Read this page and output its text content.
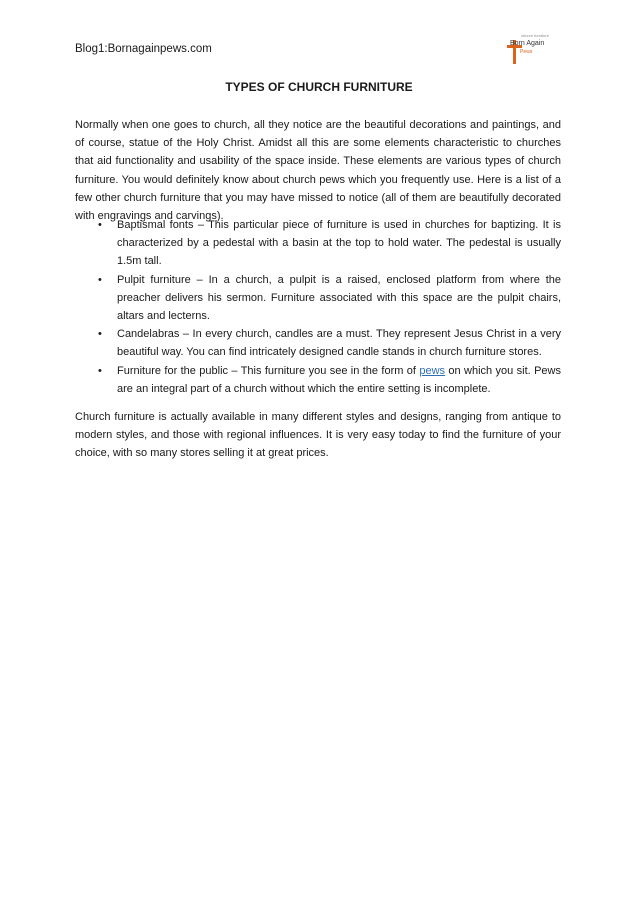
Blog1:Bornagainpews.com
church furniture
Born Again
Pews
TYPES OF CHURCH FURNITURE

Normally when one goes to church, all they notice are the beautiful decorations and paintings, and of course, statue of the Holy Christ. Amidst all this are some elements characteristic to churches that aid functionality and usability of the space inside. These elements are various types of church furniture. You would definitely know about church pews which you frequently use. Here is a list of a few other church furniture that you may have missed to notice (all of them are beautifully decorated with engravings and carvings).

• Baptismal fonts – This particular piece of furniture is used in churches for baptizing. It is characterized by a pedestal with a basin at the top to hold water. The pedestal is usually 1.5m tall.
• Pulpit furniture – In a church, a pulpit is a raised, enclosed platform from where the preacher delivers his sermon. Furniture associated with this space are the pulpit chairs, altars and lecterns.
• Candelabras – In every church, candles are a must. They represent Jesus Christ in a very beautiful way. You can find intricately designed candle stands in church furniture stores.
• Furniture for the public – This furniture you see in the form of pews on which you sit. Pews are an integral part of a church without which the entire setting is incomplete.

Church furniture is actually available in many different styles and designs, ranging from antique to modern styles, and those with regional influences. It is very easy today to find the furniture of your choice, with so many stores selling it at great prices.
